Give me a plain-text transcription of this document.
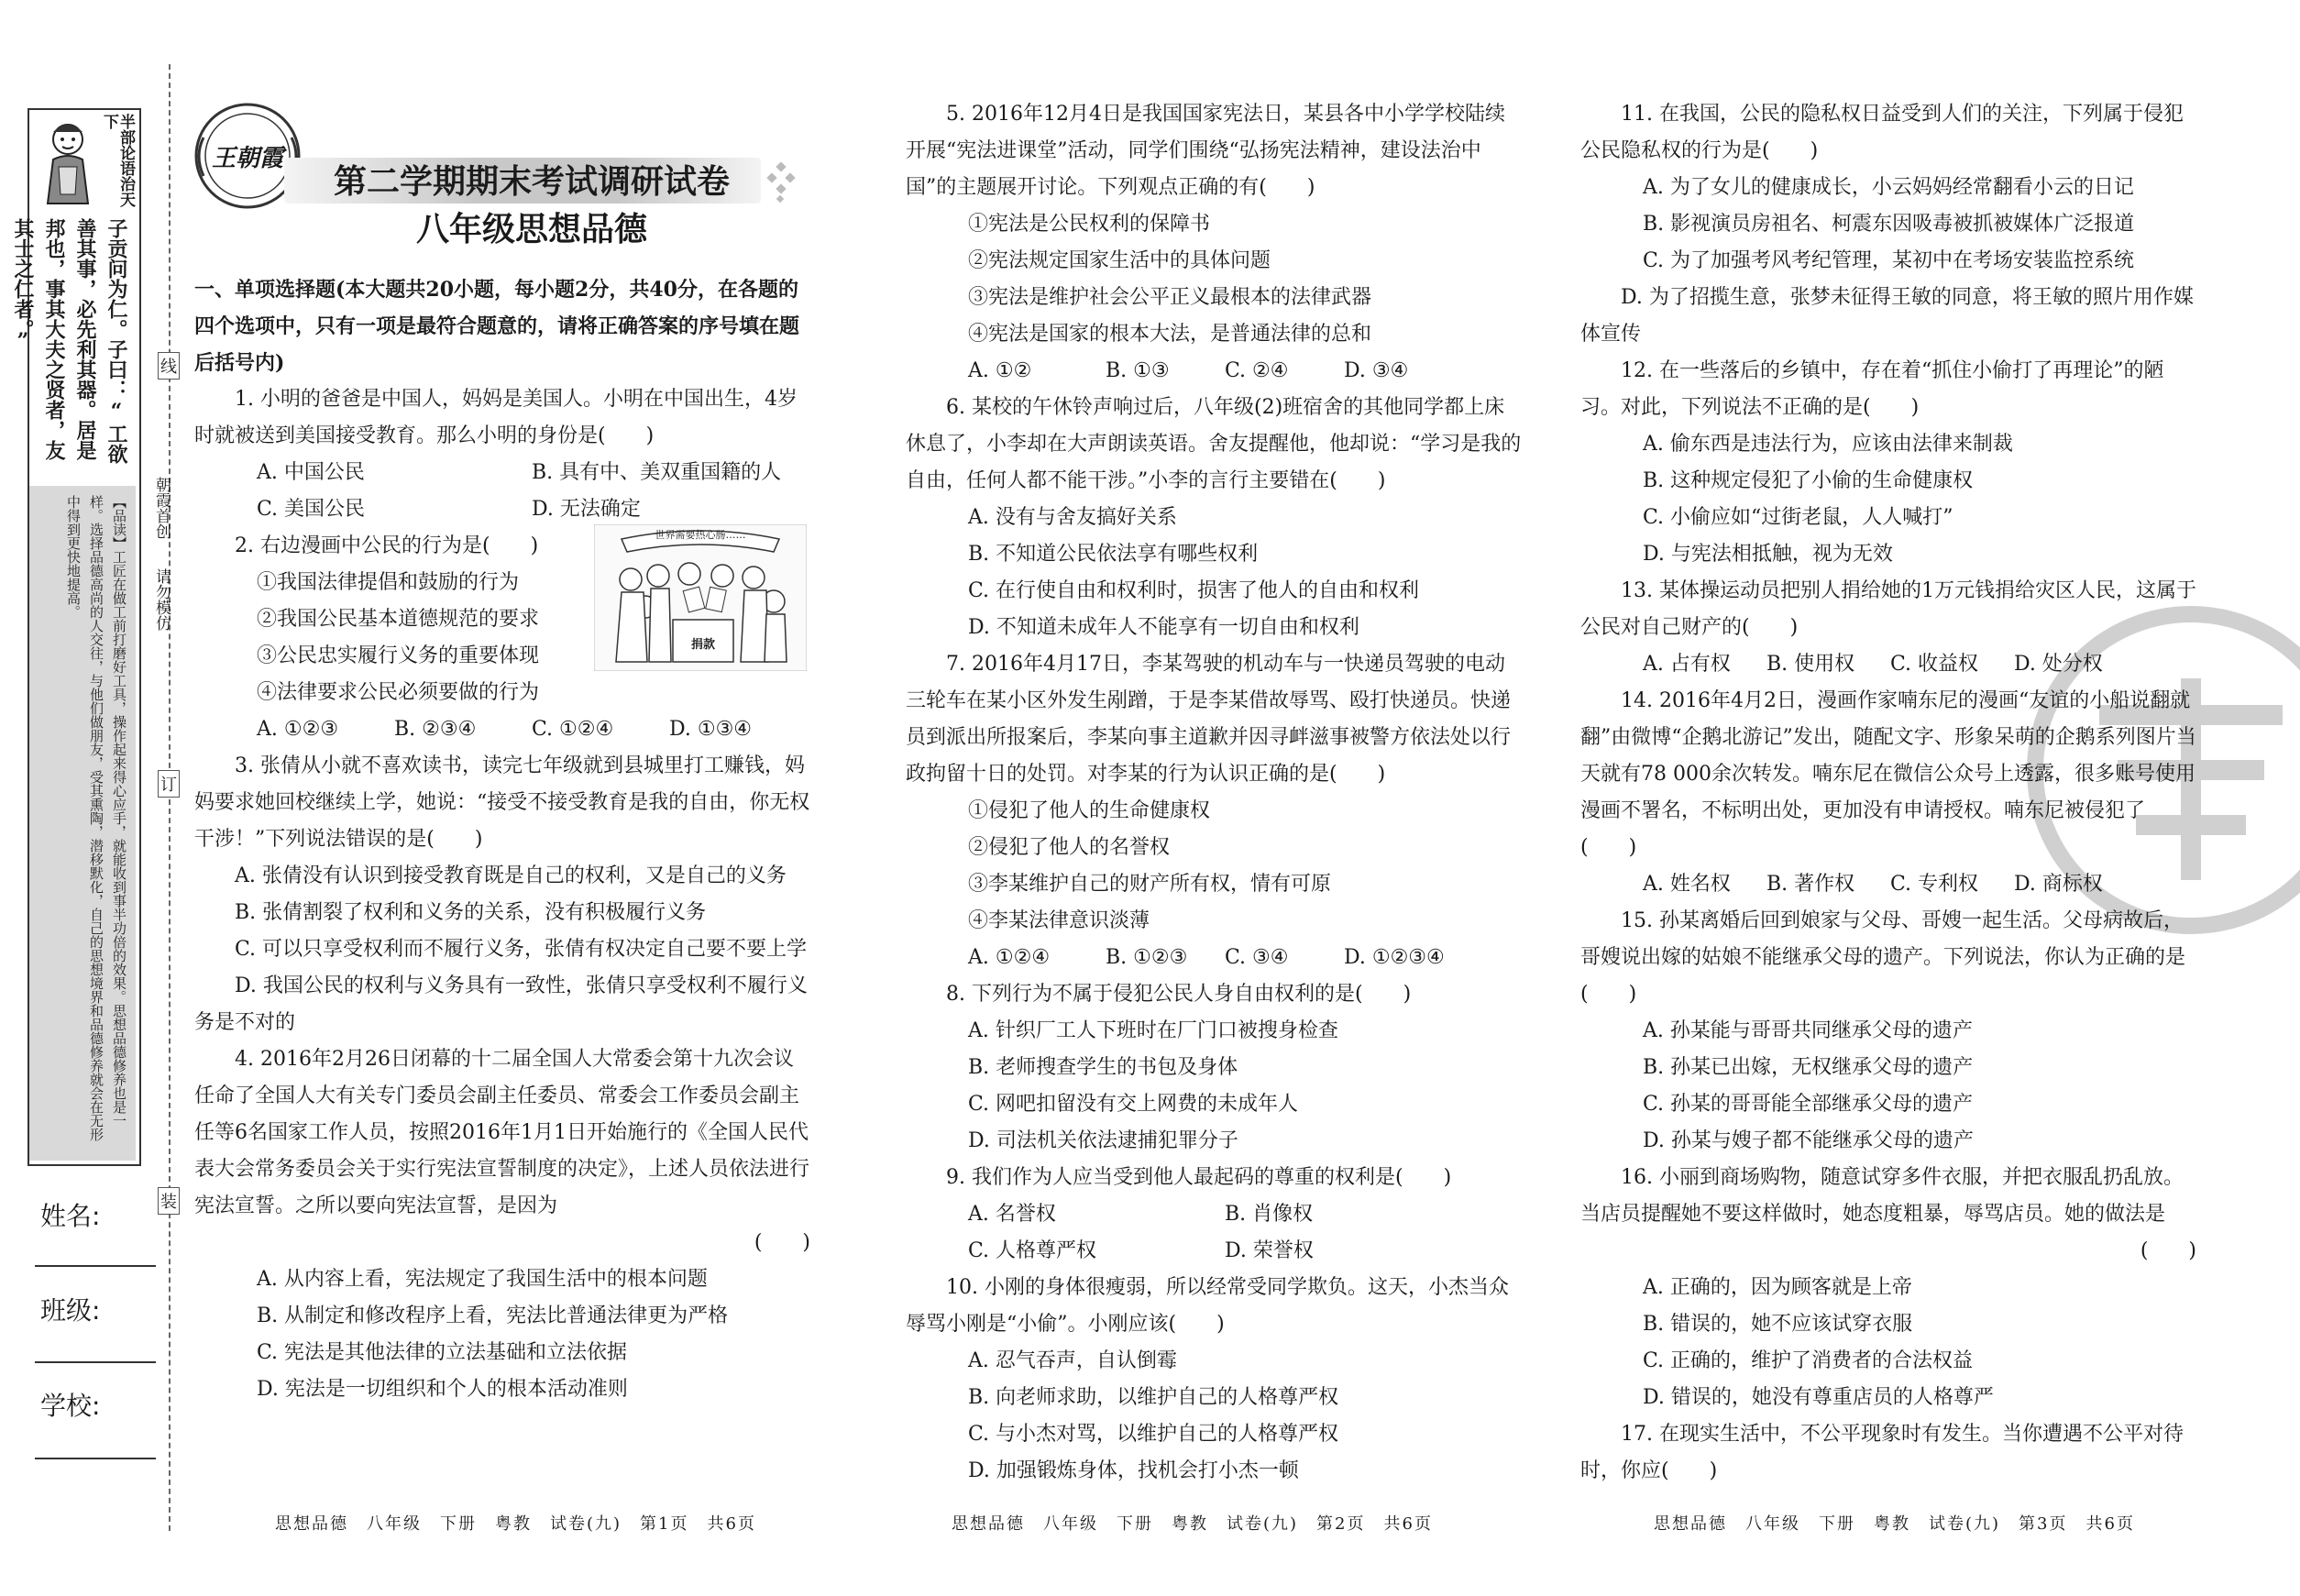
半部论语治天下
子贡问为仁。子曰：“工欲善其事，必先利其器。居是邦也，事其大夫之贤者，友其士之仁者。”
【品读】工匠在做工前打磨好工具，操作起来得心应手，就能收到事半功倍的效果。思想品德修养也是一样。选择品德高尚的人交往，与他们做朋友，受其熏陶，潜移默化，自己的思想境界和品德修养就会在无形中得到更快地提高。
姓名:
班级:
学校:
线
订
装
朝霞首创
请勿模仿
王朝霞
第二学期期末考试调研试卷
八年级思想品德

一、单项选择题(本大题共20小题，每小题2分，共40分，在各题的四个选项中，只有一项是最符合题意的，请将正确答案的序号填在题后括号内)

1. 小明的爸爸是中国人，妈妈是美国人。小明在中国出生，4岁时就被送到美国接受教育。那么小明的身份是(　　)

A. 中国公民	B. 具有中、美双重国籍的人
C. 美国公民	D. 无法确定

2. 右边漫画中公民的行为是(　　)

①我国法律提倡和鼓励的行为

②我国公民基本道德规范的要求

③公民忠实履行义务的重要体现

④法律要求公民必须要做的行为

A. ①②③	B. ②③④	C. ①②④	D. ①③④

3. 张倩从小就不喜欢读书，读完七年级就到县城里打工赚钱，妈妈要求她回校继续上学，她说：“接受不接受教育是我的自由，你无权干涉！”下列说法错误的是(　　)

A. 张倩没有认识到接受教育既是自己的权利，又是自己的义务

B. 张倩割裂了权利和义务的关系，没有积极履行义务

C. 可以只享受权利而不履行义务，张倩有权决定自己要不要上学

D. 我国公民的权利与义务具有一致性，张倩只享受权利不履行义务是不对的

4. 2016年2月26日闭幕的十二届全国人大常委会第十九次会议任命了全国人大有关专门委员会副主任委员、常委会工作委员会副主任等6名国家工作人员，按照2016年1月1日开始施行的《全国人民代表大会常务委员会关于实行宪法宣誓制度的决定》，上述人员依法进行宪法宣誓。之所以要向宪法宣誓，是因为

(　　)

A. 从内容上看，宪法规定了我国生活中的根本问题

B. 从制定和修改程序上看，宪法比普通法律更为严格

C. 宪法是其他法律的立法基础和立法依据

D. 宪法是一切组织和个人的根本活动准则

世界需要热心肠……
捐款
思想品德　八年级　下册　粤教　试卷(九)　第1页　共6页

5. 2016年12月4日是我国国家宪法日，某县各中小学学校陆续开展“宪法进课堂”活动，同学们围绕“弘扬宪法精神，建设法治中国”的主题展开讨论。下列观点正确的有(　　)

①宪法是公民权利的保障书

②宪法规定国家生活中的具体问题

③宪法是维护社会公平正义最根本的法律武器

④宪法是国家的根本大法，是普通法律的总和

A. ①②	B. ①③	C. ②④	D. ③④

6. 某校的午休铃声响过后，八年级(2)班宿舍的其他同学都上床休息了，小李却在大声朗读英语。舍友提醒他，他却说：“学习是我的自由，任何人都不能干涉。”小李的言行主要错在(　　)

A. 没有与舍友搞好关系

B. 不知道公民依法享有哪些权利

C. 在行使自由和权利时，损害了他人的自由和权利

D. 不知道未成年人不能享有一切自由和权利

7. 2016年4月17日，李某驾驶的机动车与一快递员驾驶的电动三轮车在某小区外发生剐蹭，于是李某借故辱骂、殴打快递员。快递员到派出所报案后，李某向事主道歉并因寻衅滋事被警方依法处以行政拘留十日的处罚。对李某的行为认识正确的是(　　)

①侵犯了他人的生命健康权

②侵犯了他人的名誉权

③李某维护自己的财产所有权，情有可原

④李某法律意识淡薄

A. ①②④	B. ①②③	C. ③④	D. ①②③④

8. 下列行为不属于侵犯公民人身自由权利的是(　　)

A. 针织厂工人下班时在厂门口被搜身检查

B. 老师搜查学生的书包及身体

C. 网吧扣留没有交上网费的未成年人

D. 司法机关依法逮捕犯罪分子

9. 我们作为人应当受到他人最起码的尊重的权利是(　　)

A. 名誉权	B. 肖像权
C. 人格尊严权	D. 荣誉权

10. 小刚的身体很瘦弱，所以经常受同学欺负。这天，小杰当众辱骂小刚是“小偷”。小刚应该(　　)

A. 忍气吞声，自认倒霉

B. 向老师求助，以维护自己的人格尊严权

C. 与小杰对骂，以维护自己的人格尊严权

D. 加强锻炼身体，找机会打小杰一顿

思想品德　八年级　下册　粤教　试卷(九)　第2页　共6页

11. 在我国，公民的隐私权日益受到人们的关注，下列属于侵犯公民隐私权的行为是(　　)

A. 为了女儿的健康成长，小云妈妈经常翻看小云的日记

B. 影视演员房祖名、柯震东因吸毒被抓被媒体广泛报道

C. 为了加强考风考纪管理，某初中在考场安装监控系统

D. 为了招揽生意，张梦未征得王敏的同意，将王敏的照片用作媒体宣传

12. 在一些落后的乡镇中，存在着“抓住小偷打了再理论”的陋习。对此，下列说法不正确的是(　　)

A. 偷东西是违法行为，应该由法律来制裁

B. 这种规定侵犯了小偷的生命健康权

C. 小偷应如“过街老鼠，人人喊打”

D. 与宪法相抵触，视为无效

13. 某体操运动员把别人捐给她的1万元钱捐给灾区人民，这属于公民对自己财产的(　　)

A. 占有权	B. 使用权	C. 收益权	D. 处分权

14. 2016年4月2日，漫画作家喃东尼的漫画“友谊的小船说翻就翻”由微博“企鹅北游记”发出，随配文字、形象呆萌的企鹅系列图片当天就有78 000余次转发。喃东尼在微信公众号上透露，很多账号使用漫画不署名，不标明出处，更加没有申请授权。喃东尼被侵犯了(　　)

A. 姓名权	B. 著作权	C. 专利权	D. 商标权

15. 孙某离婚后回到娘家与父母、哥嫂一起生活。父母病故后，哥嫂说出嫁的姑娘不能继承父母的遗产。下列说法，你认为正确的是(　　)

A. 孙某能与哥哥共同继承父母的遗产

B. 孙某已出嫁，无权继承父母的遗产

C. 孙某的哥哥能全部继承父母的遗产

D. 孙某与嫂子都不能继承父母的遗产

16. 小丽到商场购物，随意试穿多件衣服，并把衣服乱扔乱放。当店员提醒她不要这样做时，她态度粗暴，辱骂店员。她的做法是

(　　)

A. 正确的，因为顾客就是上帝

B. 错误的，她不应该试穿衣服

C. 正确的，维护了消费者的合法权益

D. 错误的，她没有尊重店员的人格尊严

17. 在现实生活中，不公平现象时有发生。当你遭遇不公平对待时，你应(　　)

思想品德　八年级　下册　粤教　试卷(九)　第3页　共6页
